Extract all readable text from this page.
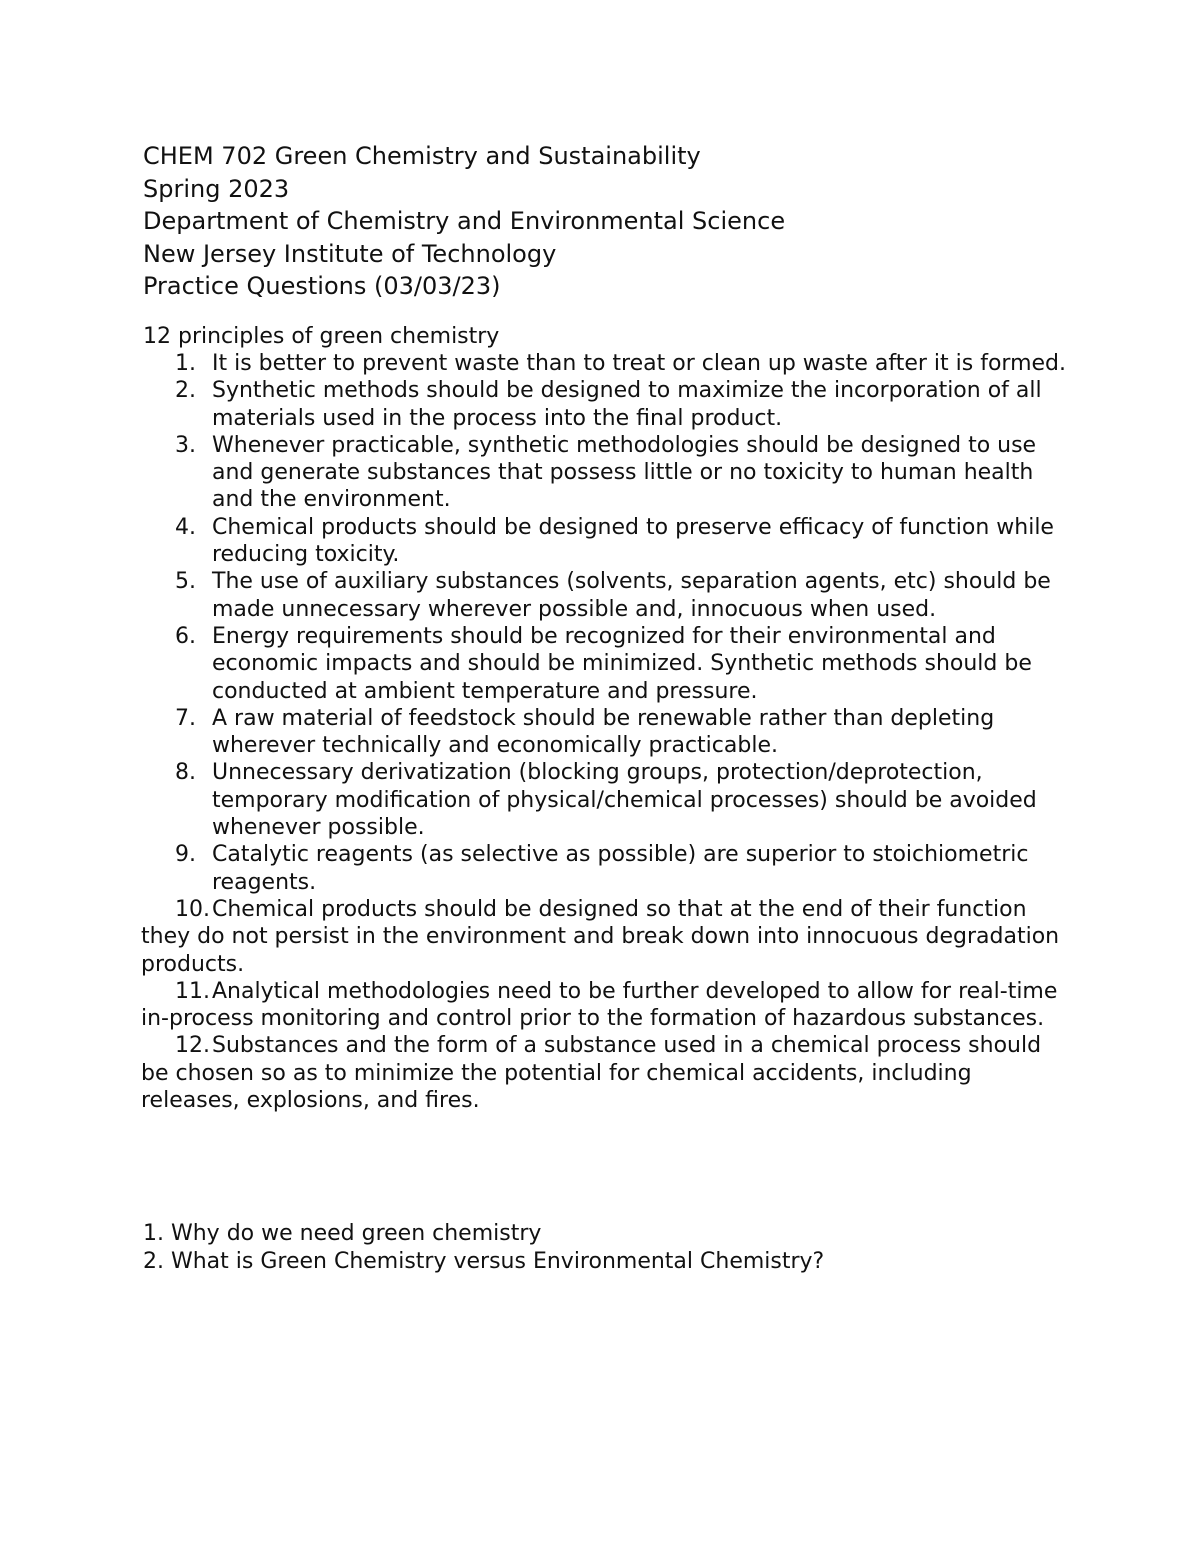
CHEM 702 Green Chemistry and Sustainability
Spring 2023
Department of Chemistry and Environmental Science
New Jersey Institute of Technology
Practice Questions (03/03/23)
12 principles of green chemistry
1. It is better to prevent waste than to treat or clean up waste after it is formed.
2. Synthetic methods should be designed to maximize the incorporation of all materials used in the process into the final product.
3. Whenever practicable, synthetic methodologies should be designed to use and generate substances that possess little or no toxicity to human health and the environment.
4. Chemical products should be designed to preserve efficacy of function while reducing toxicity.
5. The use of auxiliary substances (solvents, separation agents, etc) should be made unnecessary wherever possible and, innocuous when used.
6. Energy requirements should be recognized for their environmental and economic impacts and should be minimized. Synthetic methods should be conducted at ambient temperature and pressure.
7. A raw material of feedstock should be renewable rather than depleting wherever technically and economically practicable.
8. Unnecessary derivatization (blocking groups, protection/deprotection, temporary modification of physical/chemical processes) should be avoided whenever possible.
9. Catalytic reagents (as selective as possible) are superior to stoichiometric reagents.
10. Chemical products should be designed so that at the end of their function they do not persist in the environment and break down into innocuous degradation products.
11. Analytical methodologies need to be further developed to allow for real-time in-process monitoring and control prior to the formation of hazardous substances.
12. Substances and the form of a substance used in a chemical process should be chosen so as to minimize the potential for chemical accidents, including releases, explosions, and fires.
1. Why do we need green chemistry
2. What is Green Chemistry versus Environmental Chemistry?
